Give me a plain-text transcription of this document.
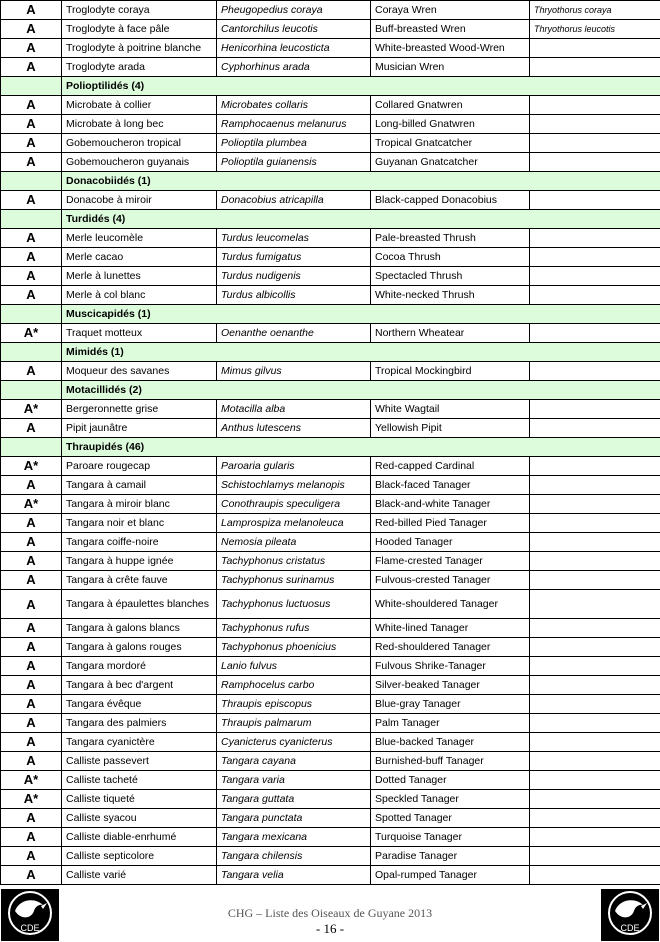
A	Troglodyte coraya	Pheugopedius coraya	Coraya Wren	Thryothorus coraya
A	Troglodyte à face pâle	Cantorchilus leucotis	Buff-breasted Wren	Thryothorus leucotis
A	Troglodyte à poitrine blanche	Henicorhina leucosticta	White-breasted Wood-Wren	
A	Troglodyte arada	Cyphorhinus arada	Musician Wren	
	Polioptilidés (4)			
A	Microbate à collier	Microbates collaris	Collared Gnatwren	
A	Microbate à long bec	Ramphocaenus melanurus	Long-billed Gnatwren	
A	Gobemoucheron tropical	Polioptila plumbea	Tropical Gnatcatcher	
A	Gobemoucheron guyanais	Polioptila guianensis	Guyanan Gnatcatcher	
	Donacobiidés (1)			
A	Donacobe à miroir	Donacobius atricapilla	Black-capped Donacobius	
	Turdidés (4)			
A	Merle leucomèle	Turdus leucomelas	Pale-breasted Thrush	
A	Merle cacao	Turdus fumigatus	Cocoa Thrush	
A	Merle à lunettes	Turdus nudigenis	Spectacled Thrush	
A	Merle à col blanc	Turdus albicollis	White-necked Thrush	
	Muscicapidés (1)			
A*	Traquet motteux	Oenanthe oenanthe	Northern Wheatear	
	Mimidés (1)			
A	Moqueur des savanes	Mimus gilvus	Tropical Mockingbird	
	Motacillidés (2)			
A*	Bergeronnette grise	Motacilla alba	White Wagtail	
A	Pipit jaunâtre	Anthus lutescens	Yellowish Pipit	
	Thraupidés (46)			
A*	Paroare rougecap	Paroaria gularis	Red-capped Cardinal	
A	Tangara à camail	Schistochlamys melanopis	Black-faced Tanager	
A*	Tangara à miroir blanc	Conothraupis speculigera	Black-and-white Tanager	
A	Tangara noir et blanc	Lamprospiza melanoleuca	Red-billed Pied Tanager	
A	Tangara coiffe-noire	Nemosia pileata	Hooded Tanager	
A	Tangara à huppe ignée	Tachyphonus cristatus	Flame-crested Tanager	
A	Tangara à crête fauve	Tachyphonus surinamus	Fulvous-crested Tanager	
A	Tangara à épaulettes blanches	Tachyphonus luctuosus	White-shouldered Tanager	
A	Tangara à galons blancs	Tachyphonus rufus	White-lined Tanager	
A	Tangara à galons rouges	Tachyphonus phoenicius	Red-shouldered Tanager	
A	Tangara mordoré	Lanio fulvus	Fulvous Shrike-Tanager	
A	Tangara à bec d'argent	Ramphocelus carbo	Silver-beaked Tanager	
A	Tangara évêque	Thraupis episcopus	Blue-gray Tanager	
A	Tangara des palmiers	Thraupis palmarum	Palm Tanager	
A	Tangara cyanictère	Cyanicterus cyanicterus	Blue-backed Tanager	
A	Calliste passevert	Tangara cayana	Burnished-buff Tanager	
A*	Calliste tacheté	Tangara varia	Dotted Tanager	
A*	Calliste tiqueté	Tangara guttata	Speckled Tanager	
A	Calliste syacou	Tangara punctata	Spotted Tanager	
A	Calliste diable-enrhumé	Tangara mexicana	Turquoise Tanager	
A	Calliste septicolore	Tangara chilensis	Paradise Tanager	
A	Calliste varié	Tangara velia	Opal-rumped Tanager	
CDE
CHG – Liste des Oiseaux de Guyane 2013
- 16 -	CDE
